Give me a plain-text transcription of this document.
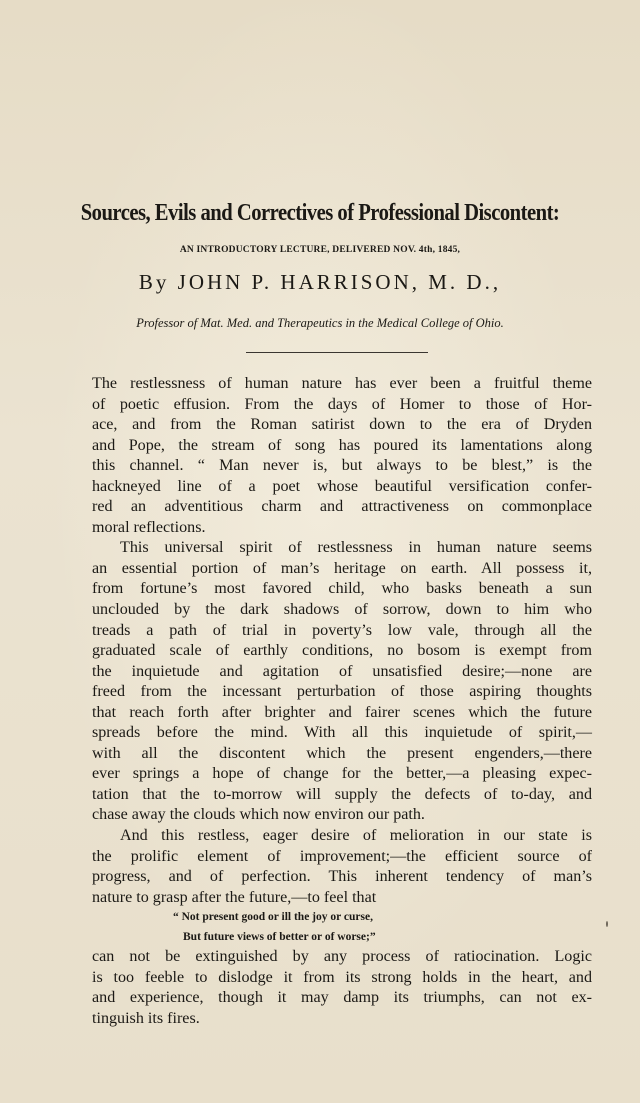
Sources, Evils and Correctives of Professional Discontent:
AN INTRODUCTORY LECTURE, DELIVERED NOV. 4th, 1845,
By JOHN P. HARRISON, M. D.,
Professor of Mat. Med. and Therapeutics in the Medical College of Ohio.
The restlessness of human nature has ever been a fruitful theme
of poetic effusion. From the days of Homer to those of Hor-
ace, and from the Roman satirist down to the era of Dryden
and Pope, the stream of song has poured its lamentations along
this channel. “ Man never is, but always to be blest,” is the
hackneyed line of a poet whose beautiful versification confer-
red an adventitious charm and attractiveness on commonplace
moral reflections.
This universal spirit of restlessness in human nature seems
an essential portion of man’s heritage on earth. All possess it,
from fortune’s most favored child, who basks beneath a sun
unclouded by the dark shadows of sorrow, down to him who
treads a path of trial in poverty’s low vale, through all the
graduated scale of earthly conditions, no bosom is exempt from
the inquietude and agitation of unsatisfied desire;—none are
freed from the incessant perturbation of those aspiring thoughts
that reach forth after brighter and fairer scenes which the future
spreads before the mind. With all this inquietude of spirit,—
with all the discontent which the present engenders,—there
ever springs a hope of change for the better,—a pleasing expec-
tation that the to-morrow will supply the defects of to-day, and
chase away the clouds which now environ our path.
And this restless, eager desire of melioration in our state is
the prolific element of improvement;—the efficient source of
progress, and of perfection. This inherent tendency of man’s
nature to grasp after the future,—to feel that
“ Not present good or ill the joy or curse,
But future views of better or of worse;”
can not be extinguished by any process of ratiocination. Logic
is too feeble to dislodge it from its strong holds in the heart, and
and experience, though it may damp its triumphs, can not ex-
tinguish its fires.
